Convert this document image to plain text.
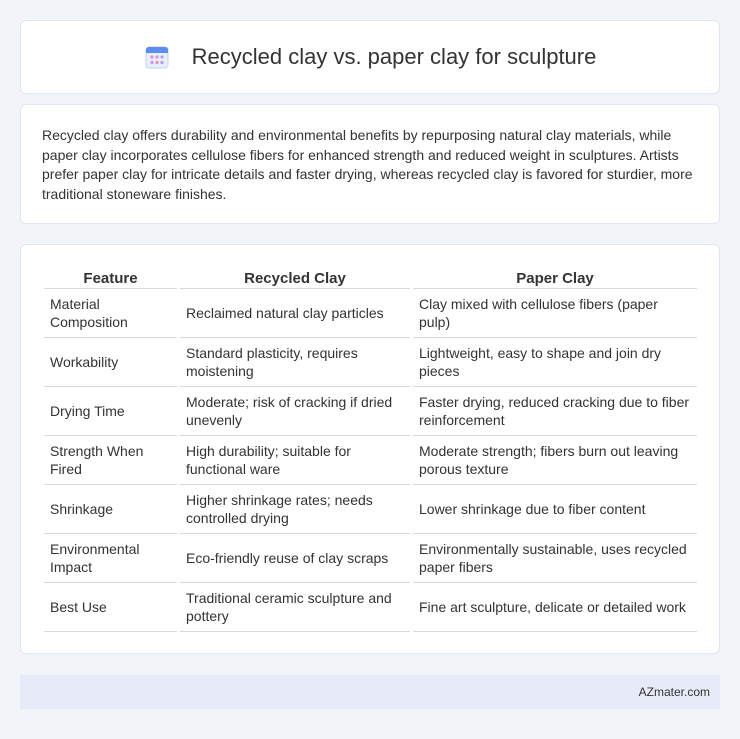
Recycled clay vs. paper clay for sculpture

Recycled clay offers durability and environmental benefits by repurposing natural clay materials, while paper clay incorporates cellulose fibers for enhanced strength and reduced weight in sculptures. Artists prefer paper clay for intricate details and faster drying, whereas recycled clay is favored for sturdier, more traditional stoneware finishes.

Feature	Recycled Clay	Paper Clay
Material Composition	Reclaimed natural clay particles	Clay mixed with cellulose fibers (paper pulp)
Workability	Standard plasticity, requires moistening	Lightweight, easy to shape and join dry pieces
Drying Time	Moderate; risk of cracking if dried unevenly	Faster drying, reduced cracking due to fiber reinforcement
Strength When Fired	High durability; suitable for functional ware	Moderate strength; fibers burn out leaving porous texture
Shrinkage	Higher shrinkage rates; needs controlled drying	Lower shrinkage due to fiber content
Environmental Impact	Eco-friendly reuse of clay scraps	Environmentally sustainable, uses recycled paper fibers
Best Use	Traditional ceramic sculpture and pottery	Fine art sculpture, delicate or detailed work
AZmater.com
